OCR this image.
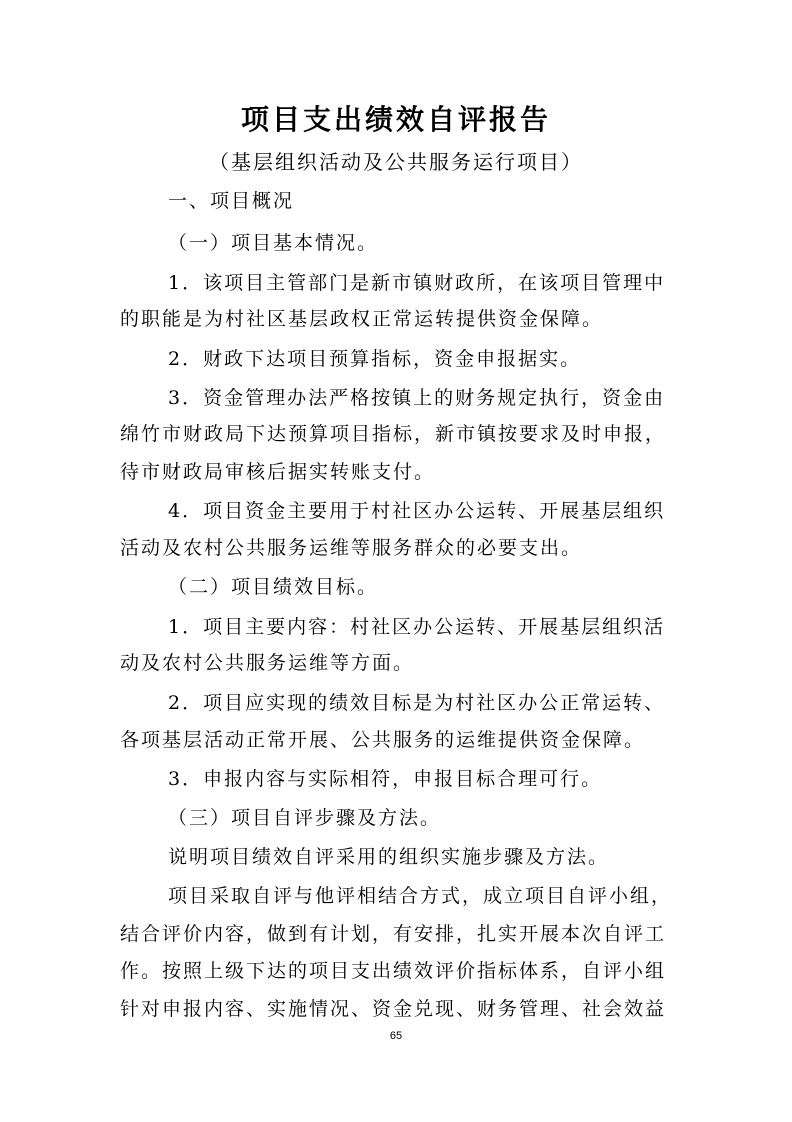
项目支出绩效自评报告
（基层组织活动及公共服务运行项目）
一、项目概况
（一）项目基本情况。
1．该项目主管部门是新市镇财政所，在该项目管理中
的职能是为村社区基层政权正常运转提供资金保障。
2．财政下达项目预算指标，资金申报据实。
3．资金管理办法严格按镇上的财务规定执行，资金由
绵竹市财政局下达预算项目指标，新市镇按要求及时申报，
待市财政局审核后据实转账支付。
4．项目资金主要用于村社区办公运转、开展基层组织
活动及农村公共服务运维等服务群众的必要支出。
（二）项目绩效目标。
1．项目主要内容：村社区办公运转、开展基层组织活
动及农村公共服务运维等方面。
2．项目应实现的绩效目标是为村社区办公正常运转、
各项基层活动正常开展、公共服务的运维提供资金保障。
3．申报内容与实际相符，申报目标合理可行。
（三）项目自评步骤及方法。
说明项目绩效自评采用的组织实施步骤及方法。
项目采取自评与他评相结合方式，成立项目自评小组，
结合评价内容，做到有计划，有安排，扎实开展本次自评工
作。按照上级下达的项目支出绩效评价指标体系，自评小组
针对申报内容、实施情况、资金兑现、财务管理、社会效益
65
